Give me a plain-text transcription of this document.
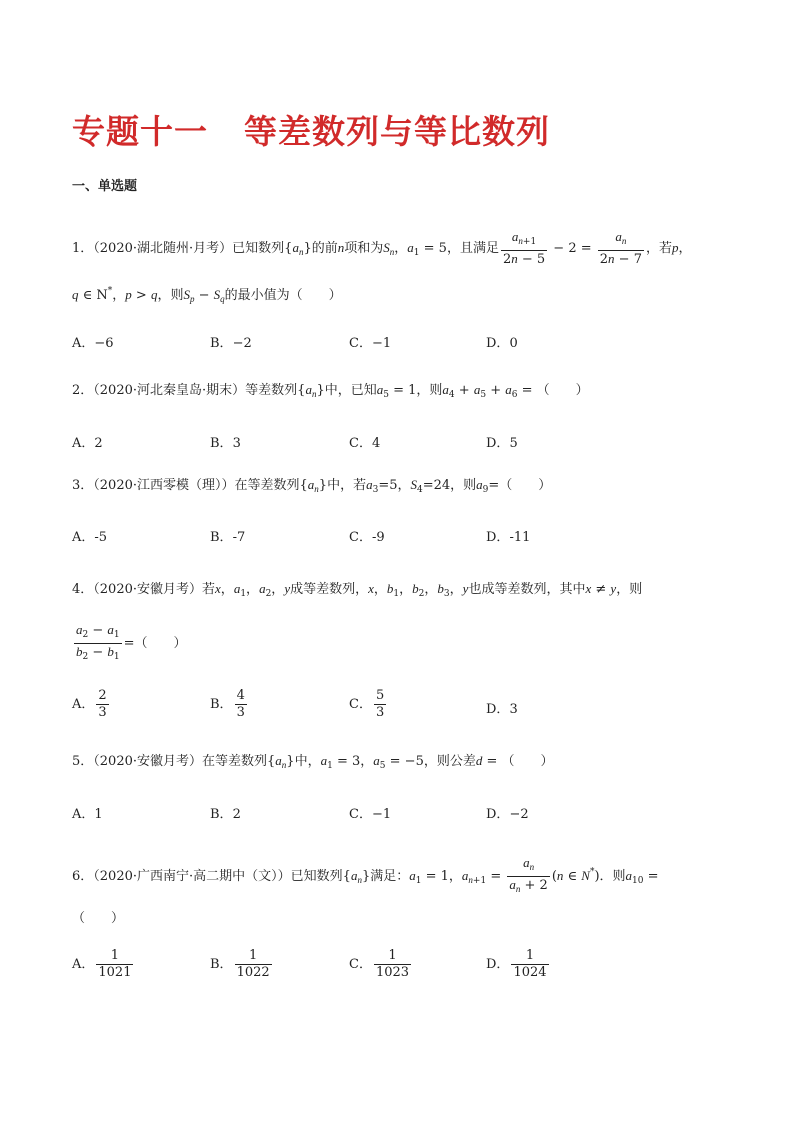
专题十一 等差数列与等比数列
一、单选题
1．（2020·湖北随州·月考）已知数列$\{a_n\}$的前n项和为$S_n$，$a_1 = 5$，且满足 $\frac{a_{n+1}}{2n - 5} - 2 = \frac{a_n}{2n - 7}$ ，若p，
q ∈ N*，p > q，则$S_p - S_q$的最小值为（　　）
A．−6	B．−2	C．−1	D．0
2．（2020·河北秦皇岛·期末）等差数列$\{a_n\}$中，已知$a_5 = 1$，则$a_4 + a_5 + a_6$ = （　　）
A．2	B．3	C．4	D．5
3．（2020·江西零模（理））在等差数列$\{a_n\}$中，若$a_3=5$，$S_4=24$，则$a_9=$（　　）
A．-5	B．-7	C．-9	D．-11
4．（2020·安徽月考）若x，$a_1$，$a_2$，y成等差数列，x，$b_1$，$b_2$，$b_3$，y也成等差数列，其中x ≠ y，则
$\frac{a_2 - a_1}{b_2 - b_1}$ =（　　）
A． $\frac{2}{3}$	B． $\frac{4}{3}$	C． $\frac{5}{3}$	D．3
5．（2020·安徽月考）在等差数列$\{a_n\}$中，$a_1 = 3$，$a_5 = -5$，则公差d = （　　）
A．1	B．2	C．−1	D．−2
6．（2020·广西南宁·高二期中（文））已知数列$\{a_n\}$满足：$a_1 = 1$，$a_{n+1} = \frac{a_n}{a_n + 2} (n$ ∈ N*)．则$a_{10}$ =
（　　）
A． $\frac{1}{1021}$	B． $\frac{1}{1022}$	C． $\frac{1}{1023}$	D． $\frac{1}{1024}$
